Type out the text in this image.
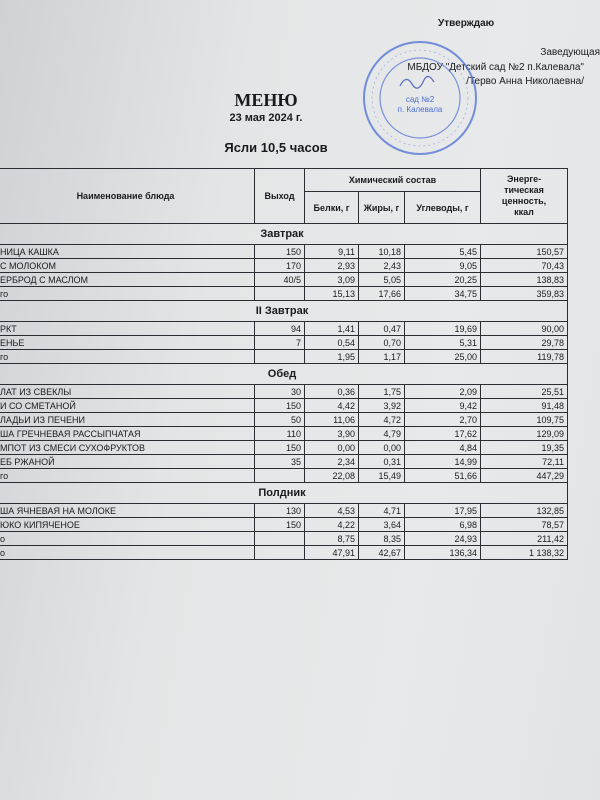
Утверждаю
Заведующая
МБДОУ "Детский сад №2 п.Калевала"
/Терво Анна Николаевна/
сад №2
п. Калевала
МЕНЮ
23 мая 2024 г.
Ясли 10,5 часов
Наименование блюда	Выход	Химический состав			Энерге-
тическая
ценность,
ккал

		Белки, г	Жиры, г	Углеводы, г	
Завтрак					
НИЦА КАШКА	150	9,11	10,18	5,45	150,57
С МОЛОКОМ	170	2,93	2,43	9,05	70,43
ЕРБРОД С МАСЛОМ	40/5	3,09	5,05	20,25	138,83
го		15,13	17,66	34,75	359,83
II Завтрак					
РКТ	94	1,41	0,47	19,69	90,00
ЕНЬЕ	7	0,54	0,70	5,31	29,78
го		1,95	1,17	25,00	119,78
Обед					
ЛАТ ИЗ СВЕКЛЫ	30	0,36	1,75	2,09	25,51
И СО СМЕТАНОЙ	150	4,42	3,92	9,42	91,48
ЛАДЬИ ИЗ ПЕЧЕНИ	50	11,06	4,72	2,70	109,75
ША ГРЕЧНЕВАЯ РАССЫПЧАТАЯ	110	3,90	4,79	17,62	129,09
МПОТ ИЗ СМЕСИ СУХОФРУКТОВ	150	0,00	0,00	4,84	19,35
ЕБ РЖАНОЙ	35	2,34	0,31	14,99	72,11
го		22,08	15,49	51,66	447,29
Полдник					
ША ЯЧНЕВАЯ НА МОЛОКЕ	130	4,53	4,71	17,95	132,85
ЮКО КИПЯЧЕНОЕ	150	4,22	3,64	6,98	78,57
о		8,75	8,35	24,93	211,42
о		47,91	42,67	136,34	1 138,32
